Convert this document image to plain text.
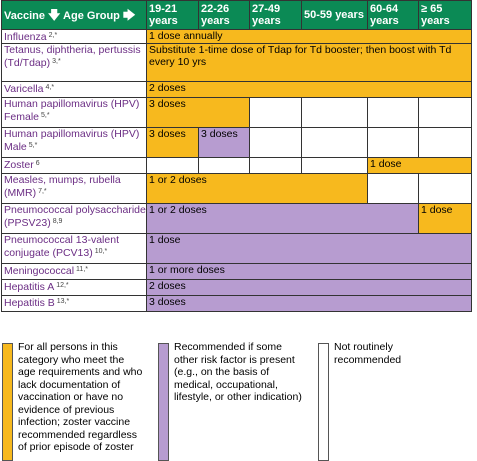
Vaccine 🡇 Age Group 🡆	19-21 years	22-26 years	27-49 years	50-59 years	60-64 years	≥ 65 years
Influenza $^{2,*}$	1 dose annually					
Tetanus, diphtheria, pertussis (Td/Tdap) $^{3,*}$	Substitute 1-time dose of Tdap for Td booster; then boost with Td every 10 yrs					
Varicella $^{4,*}$	2 doses					
Human papillomavirus (HPV) Female $^{5,*}$	3 doses					
Human papillomavirus (HPV) Male $^{5,*}$	3 doses	3 doses				
Zoster $^6$					1 dose	
Measles, mumps, rubella (MMR) $^{7,*}$	1 or 2 doses					
Pneumococcal polysaccharide (PPSV23) $^{8,9}$	1 or 2 doses					1 dose
Pneumococcal 13-valent conjugate (PCV13) $^{10,*}$	1 dose					
Meningococcal $^{11,*}$	1 or more doses					
Hepatitis A $^{12,*}$	2 doses					
Hepatitis B $^{13,*}$	3 doses					
For all persons in this category who meet the age requirements and who lack documentation of vaccination or have no evidence of previous infection; zoster vaccine recommended regardless of prior episode of zoster
Recommended if some other risk factor is present (e.g., on the basis of medical, occupational, lifestyle, or other indication)
Not routinely recommended
